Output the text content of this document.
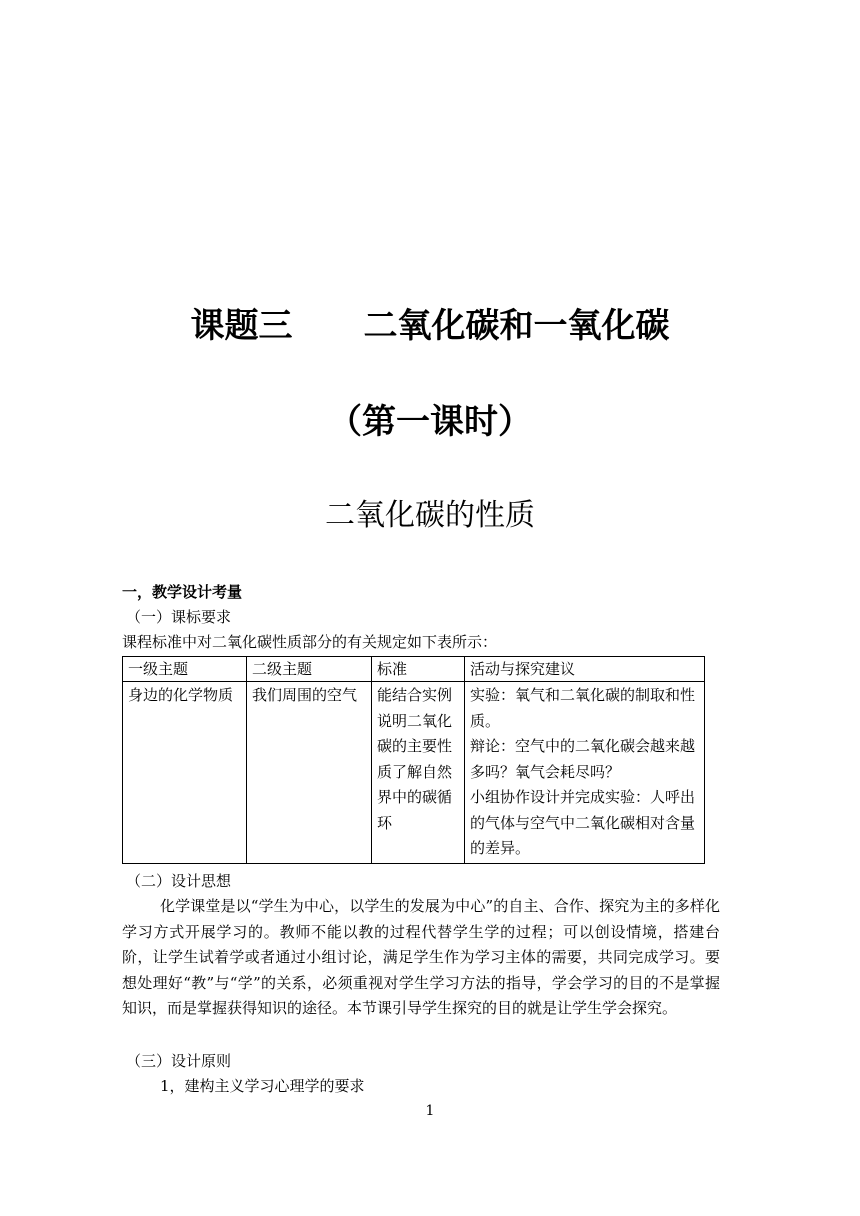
课题三      二氧化碳和一氧化碳
（第一课时）
二氧化碳的性质
一，教学设计考量
（一）课标要求
课程标准中对二氧化碳性质部分的有关规定如下表所示：
一级主题	二级主题	标准	活动与探究建议
身边的化学物质	我们周围的空气	能结合实例说明二氧化碳的主要性质了解自然界中的碳循环	实验：氧气和二氧化碳的制取和性质。
辩论：空气中的二氧化碳会越来越多吗？氧气会耗尽吗？
小组协作设计并完成实验：人呼出的气体与空气中二氧化碳相对含量的差异。
（二）设计思想
化学课堂是以“学生为中心，以学生的发展为中心”的自主、合作、探究为主的多样化学习方式开展学习的。教师不能以教的过程代替学生学的过程；可以创设情境，搭建台阶，让学生试着学或者通过小组讨论，满足学生作为学习主体的需要，共同完成学习。要想处理好“教”与“学”的关系，必须重视对学生学习方法的指导，学会学习的目的不是掌握知识，而是掌握获得知识的途径。本节课引导学生探究的目的就是让学生学会探究。
（三）设计原则
1，建构主义学习心理学的要求
1
